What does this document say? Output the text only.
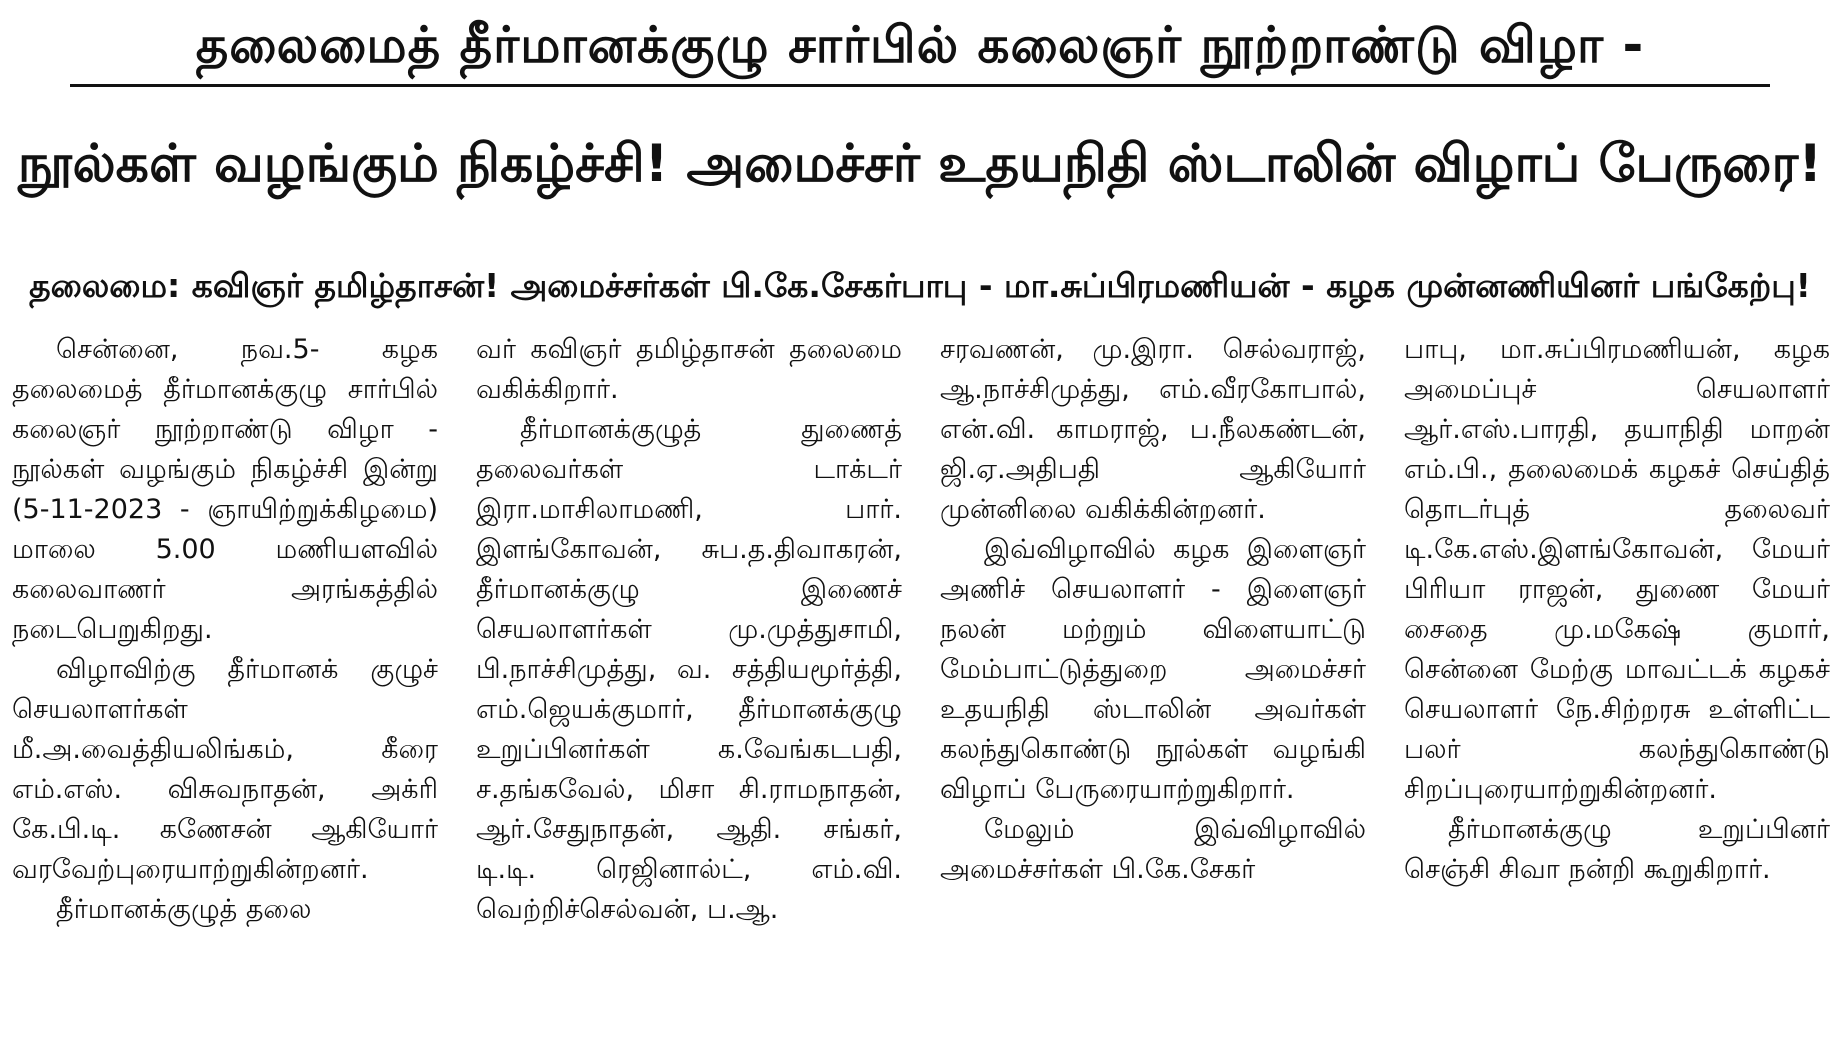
தலைமைத் தீர்மானக்குழு சார்பில் கலைஞர் நூற்றாண்டு விழா -
நூல்கள் வழங்கும் நிகழ்ச்சி! அமைச்சர் உதயநிதி ஸ்டாலின் விழாப் பேருரை!
தலைமை: கவிஞர் தமிழ்தாசன்! அமைச்சர்கள் பி.கே.சேகர்பாபு - மா.சுப்பிரமணியன் - கழக முன்னணியினர் பங்கேற்பு!

சென்னை, நவ.5- கழக தலைமைத் தீர்மானக்குழு சார்பில் கலைஞர் நூற்றாண்டு விழா - நூல்கள் வழங்கும் நிகழ்ச்சி இன்று (5-11-2023 - ஞாயிற்றுக்கிழமை) மாலை 5.00 மணியளவில் கலைவாணர் அரங்கத்தில் நடைபெறுகிறது.

விழாவிற்கு தீர்மானக் குழுச் செயலாளர்கள் மீ.அ.வைத்தியலிங்கம், கீரை எம்.எஸ். விசுவநாதன், அக்ரி கே.பி.டி. கணேசன் ஆகியோர் வரவேற்புரையாற்றுகின்றனர்.

தீர்மானக்குழுத் தலை

வர் கவிஞர் தமிழ்தாசன் தலைமை வகிக்கிறார்.

தீர்மானக்குழுத் துணைத் தலைவர்கள் டாக்டர் இரா.மாசிலாமணி, பார். இளங்கோவன், சுப.த.திவாகரன், தீர்மானக்குழு இணைச் செயலாளர்கள் மு.முத்துசாமி, பி.நாச்சிமுத்து, வ. சத்தியமூர்த்தி, எம்.ஜெயக்குமார், தீர்மானக்குழு உறுப்பினர்கள் க.வேங்கடபதி, ச.தங்கவேல், மிசா சி.ராமநாதன், ஆர்.சேதுநாதன், ஆதி. சங்கர், டி.டி. ரெஜினால்ட், எம்.வி. வெற்றிச்செல்வன், ப.ஆ.

சரவணன், மு.இரா. செல்வராஜ், ஆ.நாச்சிமுத்து, எம்.வீரகோபால், என்.வி. காமராஜ், ப.நீலகண்டன், ஜி.ஏ.அதிபதி ஆகியோர் முன்னிலை வகிக்கின்றனர்.

இவ்விழாவில் கழக இளைஞர் அணிச் செயலாளர் - இளைஞர் நலன் மற்றும் விளையாட்டு மேம்பாட்டுத்துறை அமைச்சர் உதயநிதி ஸ்டாலின் அவர்கள் கலந்துகொண்டு நூல்கள் வழங்கி விழாப் பேருரையாற்றுகிறார்.

மேலும் இவ்விழாவில் அமைச்சர்கள் பி.கே.சேகர்

பாபு, மா.சுப்பிரமணியன், கழக அமைப்புச் செயலாளர் ஆர்.எஸ்.பாரதி, தயாநிதி மாறன் எம்.பி., தலைமைக் கழகச் செய்தித் தொடர்புத் தலைவர் டி.கே.எஸ்.இளங்கோவன், மேயர் பிரியா ராஜன், துணை மேயர் சைதை மு.மகேஷ் குமார், சென்னை மேற்கு மாவட்டக் கழகச் செயலாளர் நே.சிற்றரசு உள்ளிட்ட பலர் கலந்துகொண்டு சிறப்புரையாற்றுகின்றனர்.

தீர்மானக்குழு உறுப்பினர் செஞ்சி சிவா நன்றி கூறுகிறார்.
